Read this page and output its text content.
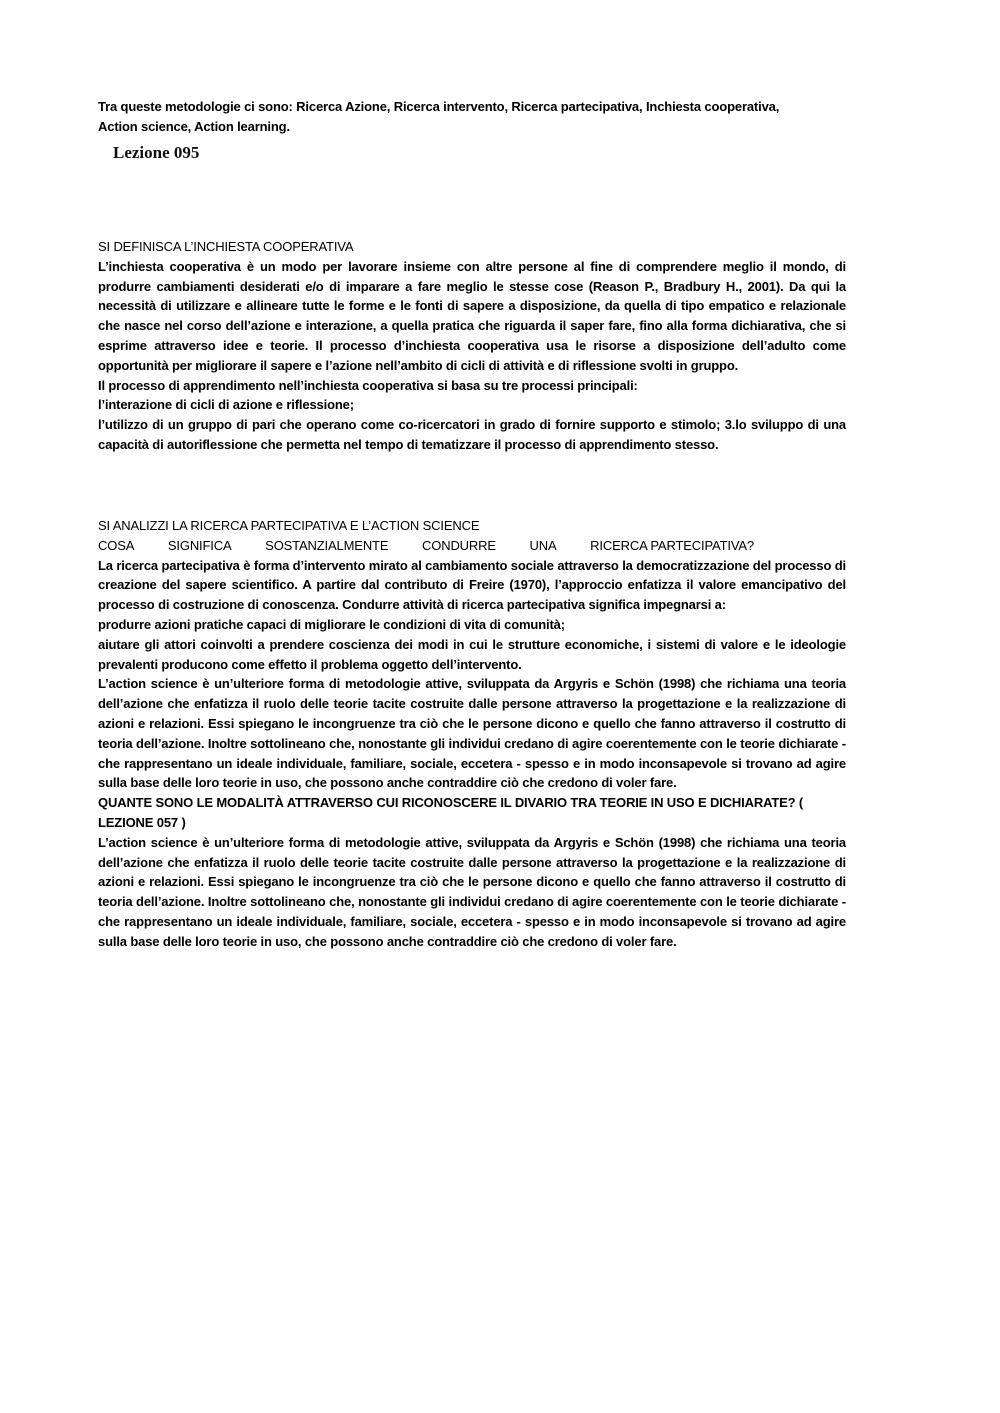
Tra queste metodologie ci sono: Ricerca Azione, Ricerca intervento, Ricerca partecipativa, Inchiesta cooperativa,

Action science, Action learning.

Lezione 095

SI DEFINISCA L’INCHIESTA COOPERATIVA

L’inchiesta cooperativa è un modo per lavorare insieme con altre persone al fine di comprendere meglio il mondo, di produrre cambiamenti desiderati e/o di imparare a fare meglio le stesse cose (Reason P., Bradbury H., 2001). Da qui la necessità di utilizzare e allineare tutte le forme e le fonti di sapere a disposizione, da quella di tipo empatico e relazionale che nasce nel corso dell’azione e interazione, a quella pratica che riguarda il saper fare, fino alla forma dichiarativa, che si esprime attraverso idee e teorie. Il processo d’inchiesta cooperativa usa le risorse a disposizione dell’adulto come opportunità per migliorare il sapere e l’azione nell’ambito di cicli di attività e di riflessione svolti in gruppo.

Il processo di apprendimento nell’inchiesta cooperativa si basa su tre processi principali:

l’interazione di cicli di azione e riflessione;

l’utilizzo di un gruppo di pari che operano come co-ricercatori in grado di fornire supporto e stimolo; 3.lo sviluppo di una capacità di autoriflessione che permetta nel tempo di tematizzare il processo di apprendimento stesso.

SI ANALIZZI LA RICERCA PARTECIPATIVA E L’ACTION SCIENCE

COSA	SIGNIFICA	SOSTANZIALMENTE	CONDURRE	UNA	RICERCA PARTECIPATIVA?

La ricerca partecipativa è forma d’intervento mirato al cambiamento sociale attraverso la democratizzazione del processo di creazione del sapere scientifico. A partire dal contributo di Freire (1970), l’approccio enfatizza il valore emancipativo del processo di costruzione di conoscenza. Condurre attività di ricerca partecipativa significa impegnarsi a:

produrre azioni pratiche capaci di migliorare le condizioni di vita di comunità;

aiutare gli attori coinvolti a prendere coscienza dei modi in cui le strutture economiche, i sistemi di valore e le ideologie prevalenti producono come effetto il problema oggetto dell’intervento.

L’action science è un’ulteriore forma di metodologie attive, sviluppata da Argyris e Schön (1998) che richiama una teoria dell’azione che enfatizza il ruolo delle teorie tacite costruite dalle persone attraverso la progettazione e la realizzazione di azioni e relazioni. Essi spiegano le incongruenze tra ciò che le persone dicono e quello che fanno attraverso il costrutto di teoria dell’azione. Inoltre sottolineano che, nonostante gli individui credano di agire coerentemente con le teorie dichiarate - che rappresentano un ideale individuale, familiare, sociale, eccetera - spesso e in modo inconsapevole si trovano ad agire sulla base delle loro teorie in uso, che possono anche contraddire ciò che credono di voler fare.

QUANTE SONO LE MODALITÀ ATTRAVERSO CUI RICONOSCERE IL DIVARIO TRA TEORIE IN USO E DICHIARATE? ( LEZIONE 057 )

L’action science è un’ulteriore forma di metodologie attive, sviluppata da Argyris e Schön (1998) che richiama una teoria dell’azione che enfatizza il ruolo delle teorie tacite costruite dalle persone attraverso la progettazione e la realizzazione di azioni e relazioni. Essi spiegano le incongruenze tra ciò che le persone dicono e quello che fanno attraverso il costrutto di teoria dell’azione. Inoltre sottolineano che, nonostante gli individui credano di agire coerentemente con le teorie dichiarate - che rappresentano un ideale individuale, familiare, sociale, eccetera - spesso e in modo inconsapevole si trovano ad agire sulla base delle loro teorie in uso, che possono anche contraddire ciò che credono di voler fare.
